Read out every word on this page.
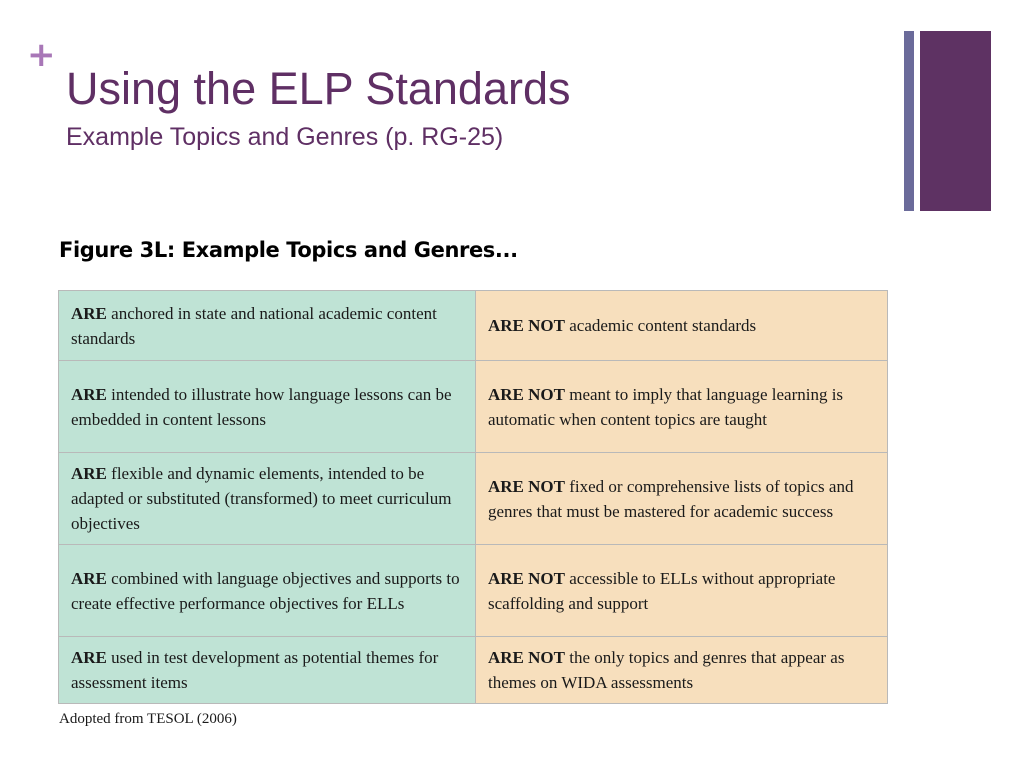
+
Using the ELP Standards
Example Topics and Genres (p. RG-25)
Figure 3L: Example Topics and Genres...
ARE anchored in state and national academic content standards	ARE NOT academic content standards
ARE intended to illustrate how language lessons can be embedded in content lessons	ARE NOT meant to imply that language learning is automatic when content topics are taught
ARE flexible and dynamic elements, intended to be adapted or substituted (transformed) to meet curriculum objectives	ARE NOT fixed or comprehensive lists of topics and genres that must be mastered for academic success
ARE combined with language objectives and supports to create effective performance objectives for ELLs	ARE NOT accessible to ELLs without appropriate scaffolding and support
ARE used in test development as potential themes for assessment items	ARE NOT the only topics and genres that appear as themes on WIDA assessments
Adopted from TESOL (2006)
